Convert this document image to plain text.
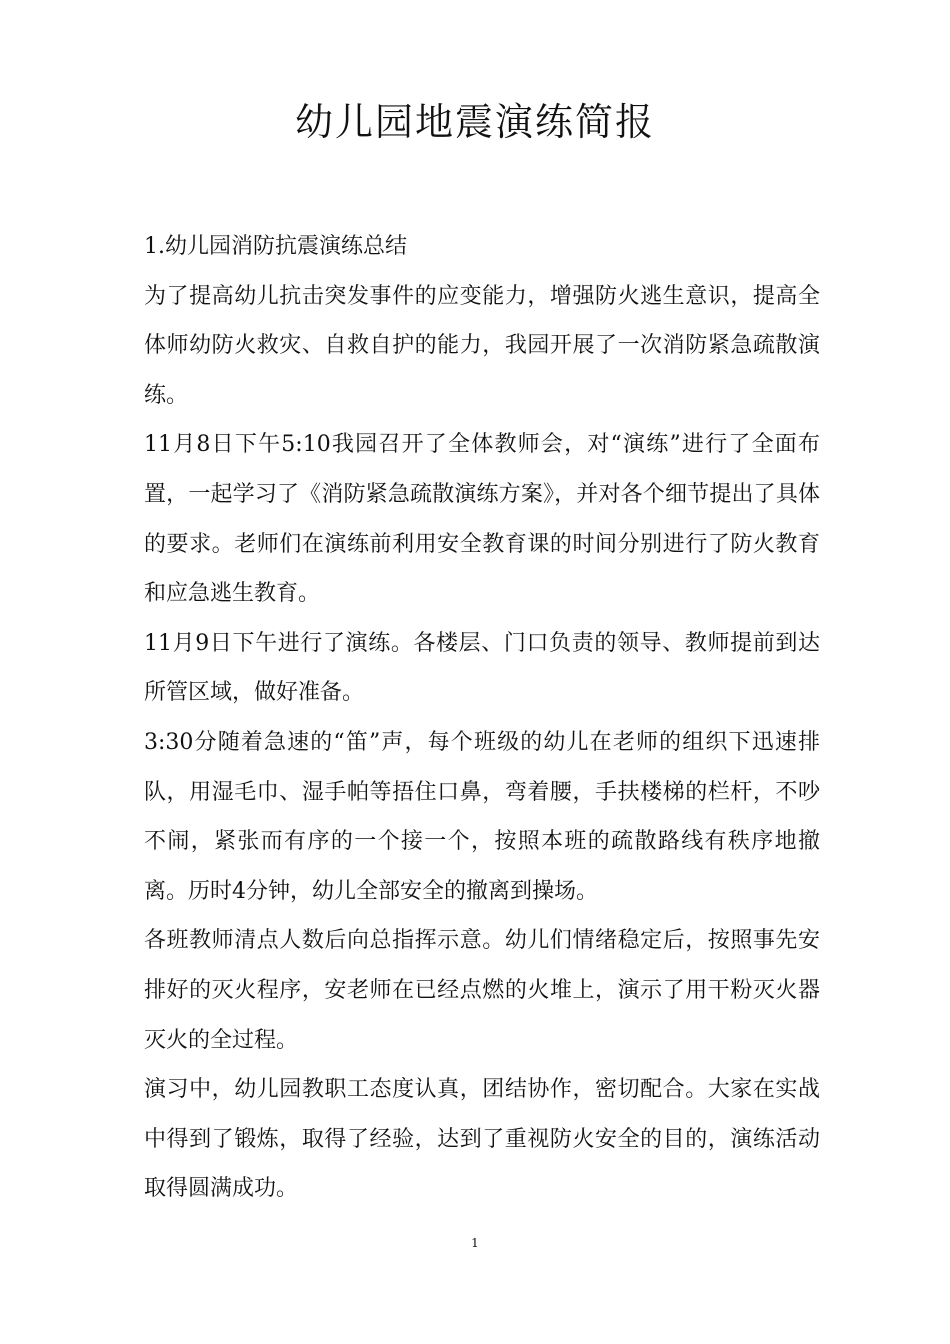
幼儿园地震演练简报

1.幼儿园消防抗震演练总结

为了提高幼儿抗击突发事件的应变能力，增强防火逃生意识，提高全体师幼防火救灾、自救自护的能力，我园开展了一次消防紧急疏散演练。

11月8日下午5:10我园召开了全体教师会，对“演练”进行了全面布置，一起学习了《消防紧急疏散演练方案》，并对各个细节提出了具体的要求。老师们在演练前利用安全教育课的时间分别进行了防火教育和应急逃生教育。

11月9日下午进行了演练。各楼层、门口负责的领导、教师提前到达所管区域，做好准备。

3:30分随着急速的“笛”声，每个班级的幼儿在老师的组织下迅速排队，用湿毛巾、湿手帕等捂住口鼻，弯着腰，手扶楼梯的栏杆，不吵不闹，紧张而有序的一个接一个，按照本班的疏散路线有秩序地撤离。历时4分钟，幼儿全部安全的撤离到操场。

各班教师清点人数后向总指挥示意。幼儿们情绪稳定后，按照事先安排好的灭火程序，安老师在已经点燃的火堆上，演示了用干粉灭火器灭火的全过程。

演习中，幼儿园教职工态度认真，团结协作，密切配合。大家在实战中得到了锻炼，取得了经验，达到了重视防火安全的目的，演练活动取得圆满成功。

1
